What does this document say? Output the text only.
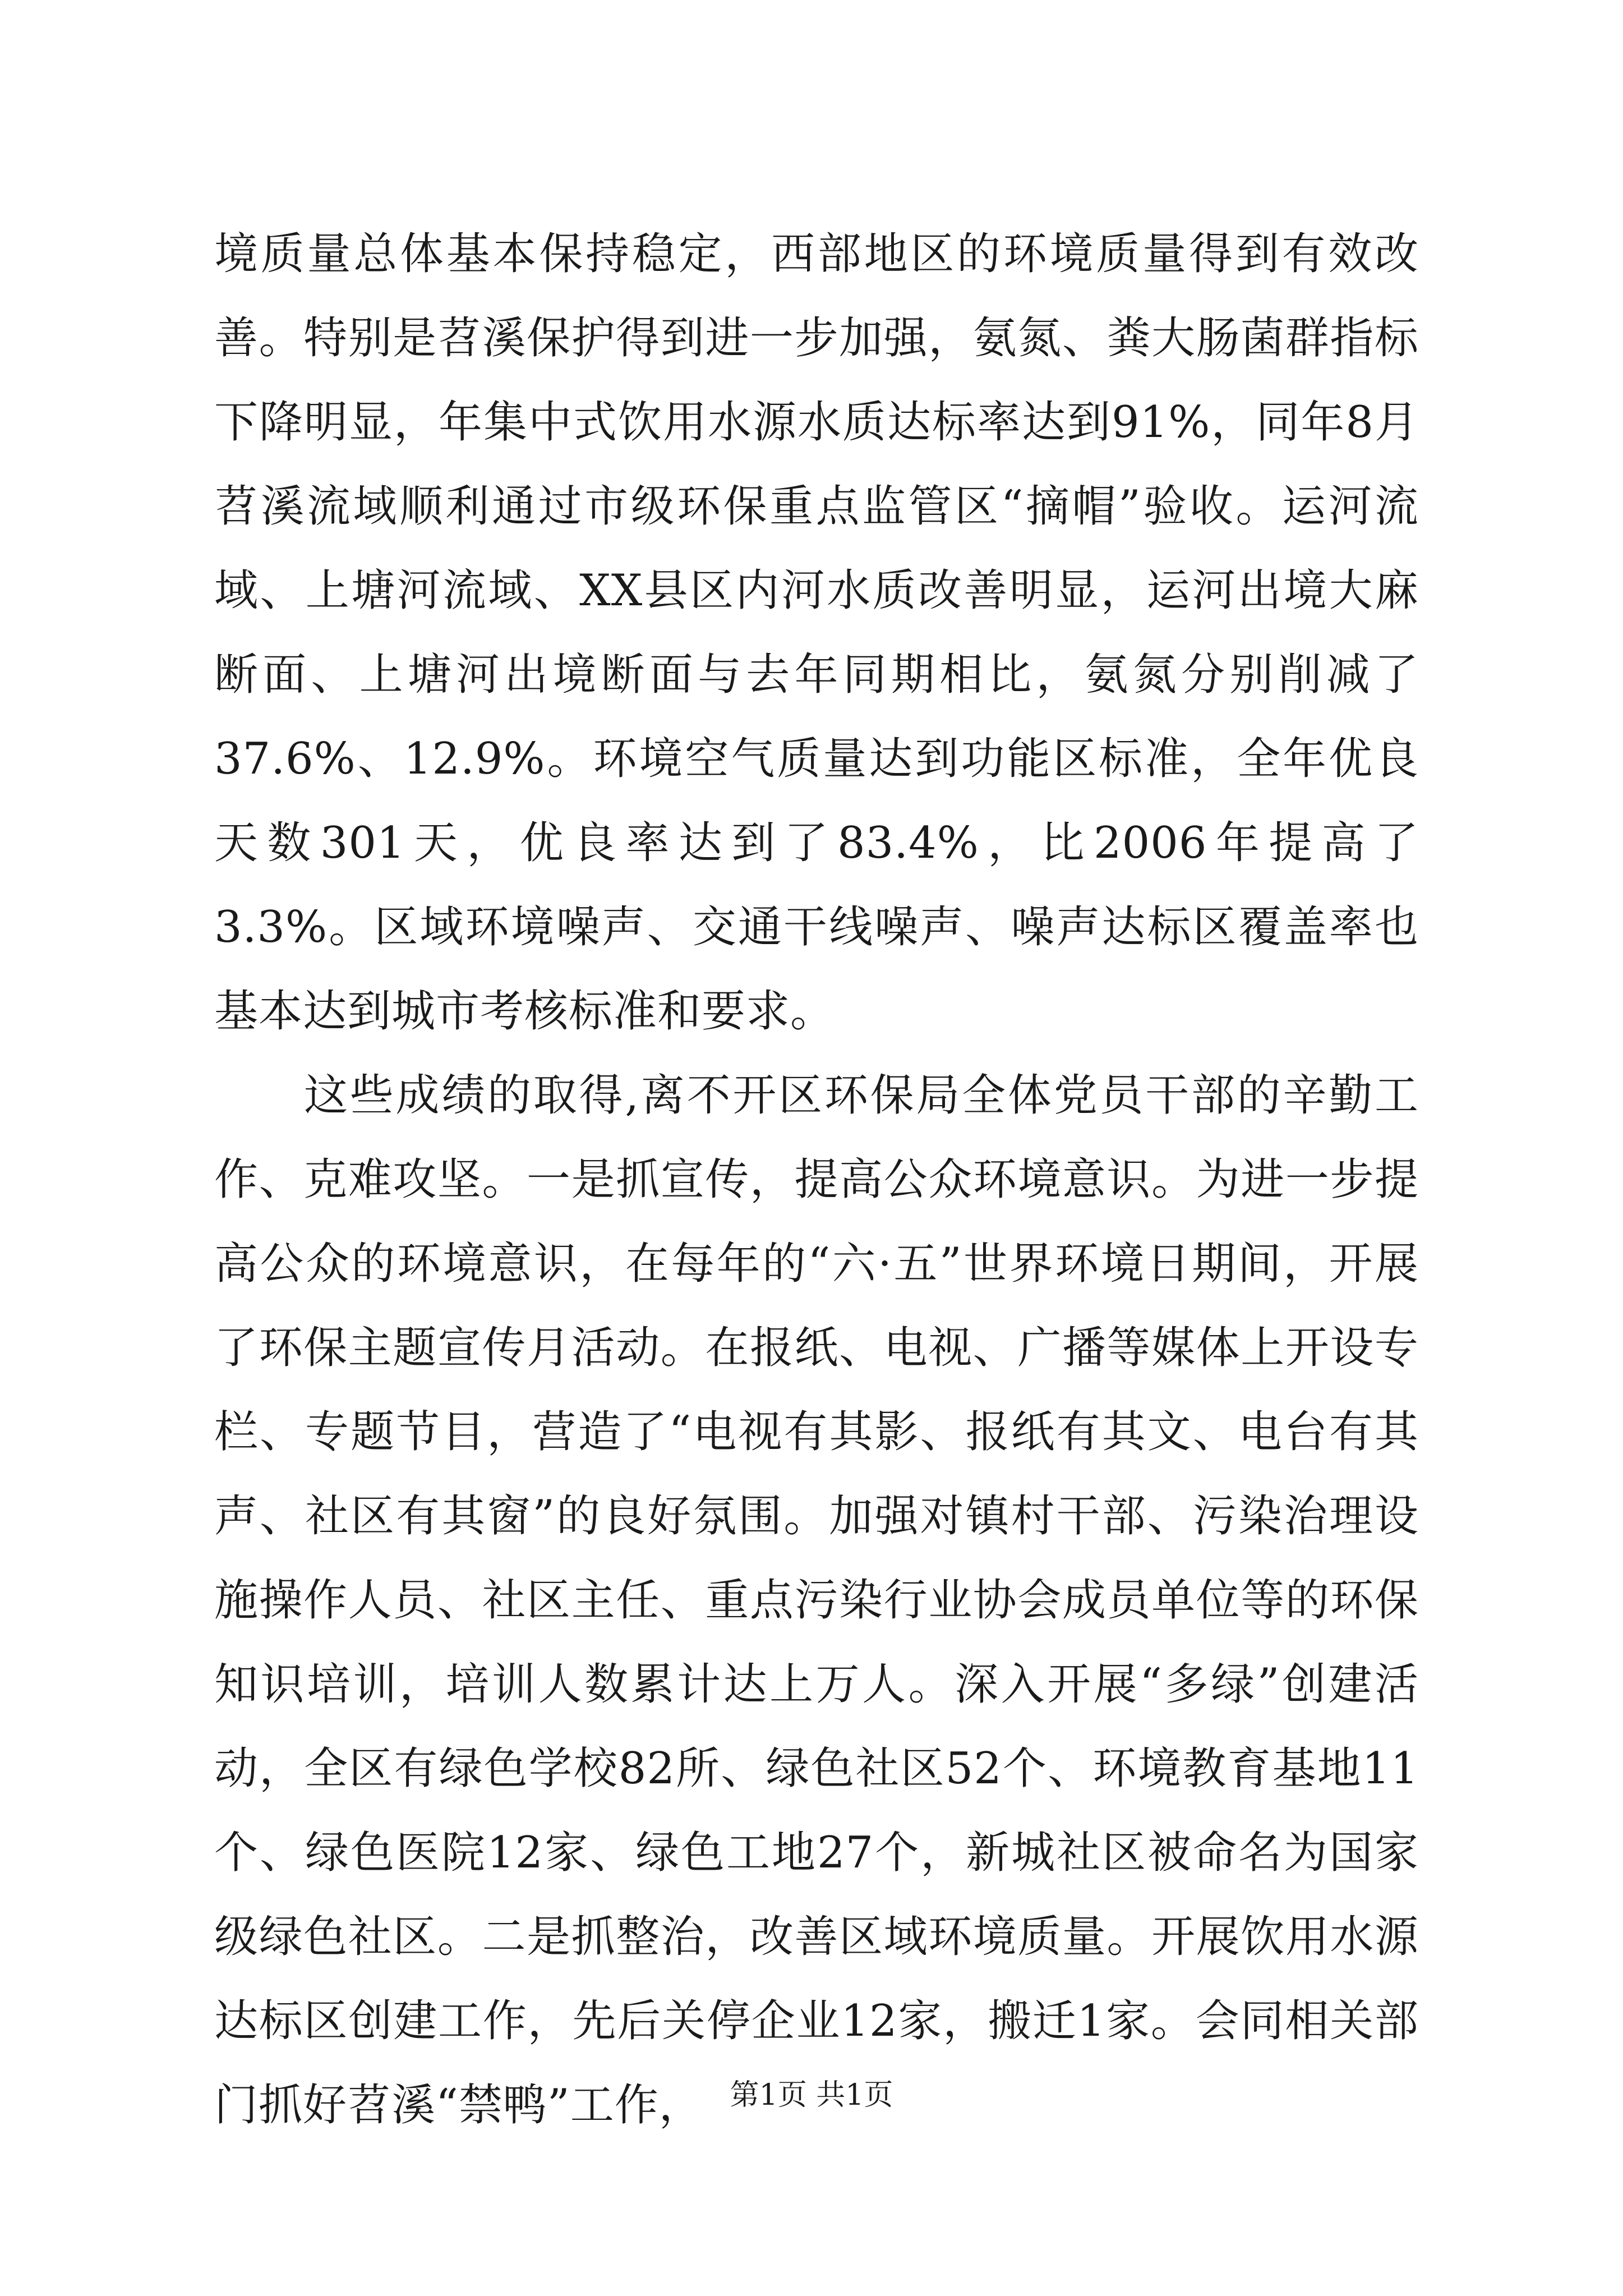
境质量总体基本保持稳定，西部地区的环境质量得到有效改善。特别是苕溪保护得到进一步加强，氨氮、粪大肠菌群指标下降明显，年集中式饮用水源水质达标率达到91%，同年8月苕溪流域顺利通过市级环保重点监管区“摘帽”验收。运河流域、上塘河流域、XX县区内河水质改善明显，运河出境大麻断面、上塘河出境断面与去年同期相比，氨氮分别削减了37.6%、12.9%。环境空气质量达到功能区标准，全年优良天数301天，优良率达到了83.4%，比2006年提高了3.3%。区域环境噪声、交通干线噪声、噪声达标区覆盖率也基本达到城市考核标准和要求。

这些成绩的取得,离不开区环保局全体党员干部的辛勤工作、克难攻坚。一是抓宣传，提高公众环境意识。为进一步提高公众的环境意识，在每年的“六·五”世界环境日期间，开展了环保主题宣传月活动。在报纸、电视、广播等媒体上开设专栏、专题节目，营造了“电视有其影、报纸有其文、电台有其声、社区有其窗”的良好氛围。加强对镇村干部、污染治理设施操作人员、社区主任、重点污染行业协会成员单位等的环保知识培训，培训人数累计达上万人。深入开展“多绿”创建活动，全区有绿色学校82所、绿色社区52个、环境教育基地11个、绿色医院12家、绿色工地27个，新城社区被命名为国家级绿色社区。二是抓整治，改善区域环境质量。开展饮用水源达标区创建工作，先后关停企业12家，搬迁1家。会同相关部门抓好苕溪“禁鸭”工作， 第1页 共1页
